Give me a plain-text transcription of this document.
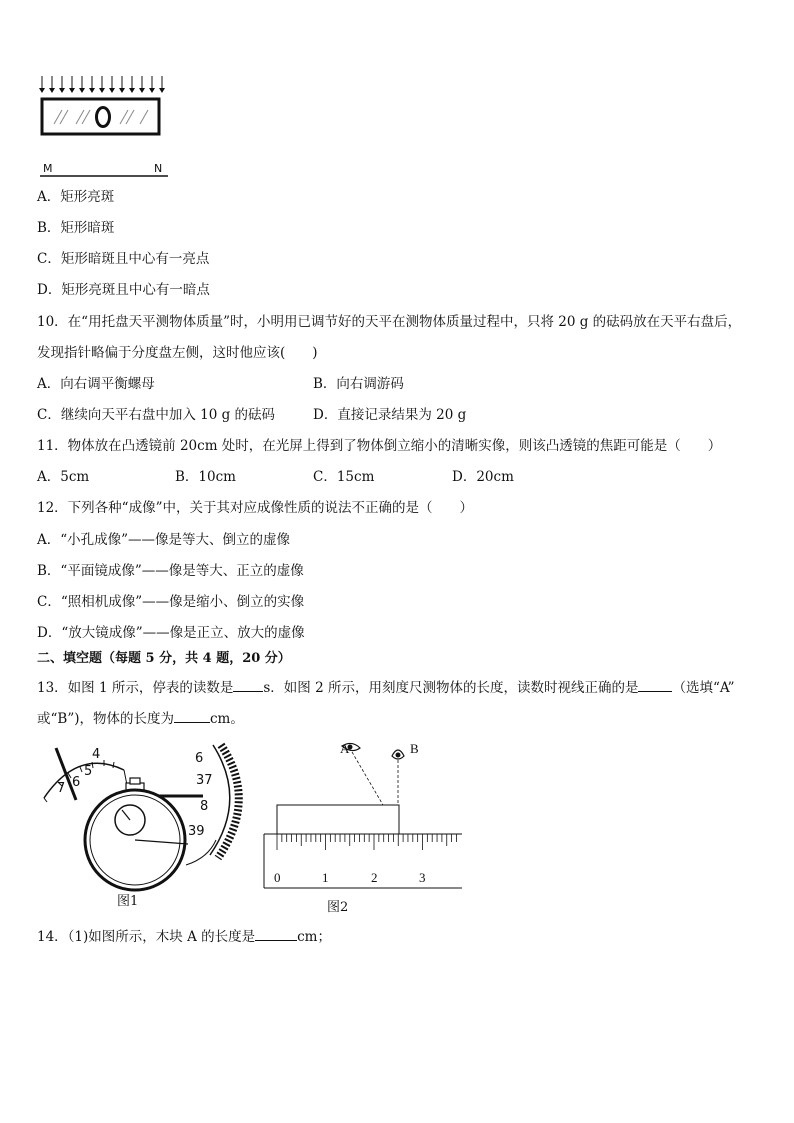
M	N
A．矩形亮斑
B．矩形暗斑
C．矩形暗斑且中心有一亮点
D．矩形亮斑且中心有一暗点
10．在“用托盘天平测物体质量”时，小明用已调节好的天平在测物体质量过程中，只将 20 g 的砝码放在天平右盘后，
发现指针略偏于分度盘左侧，这时他应该(　　)
A．向右调平衡螺母	B．向右调游码
C．继续向天平右盘中加入 10 g 的砝码	D．直接记录结果为 20 g
11．物体放在凸透镜前 20cm 处时，在光屏上得到了物体倒立缩小的清晰实像，则该凸透镜的焦距可能是（　　）
A．5cm	B．10cm	C．15cm	D．20cm
12．下列各种“成像”中，关于其对应成像性质的说法不正确的是（　　）
A．“小孔成像”——像是等大、倒立的虚像
B．“平面镜成像”——像是等大、正立的虚像
C．“照相机成像”——像是缩小、倒立的实像
D．“放大镜成像”——像是正立、放大的虚像
二、填空题（每题 5 分，共 4 题，20 分）
13．如图 1 所示，停表的读数是 s．如图 2 所示，用刻度尺测物体的长度，读数时视线正确的是	（选填“A”
或“B”)，物体的长度为	cm。
4
5
6
7
6
37
8
39
图1
A	B
0	1	2	3
图2
14．（1)如图所示，木块 A 的长度是	cm；
